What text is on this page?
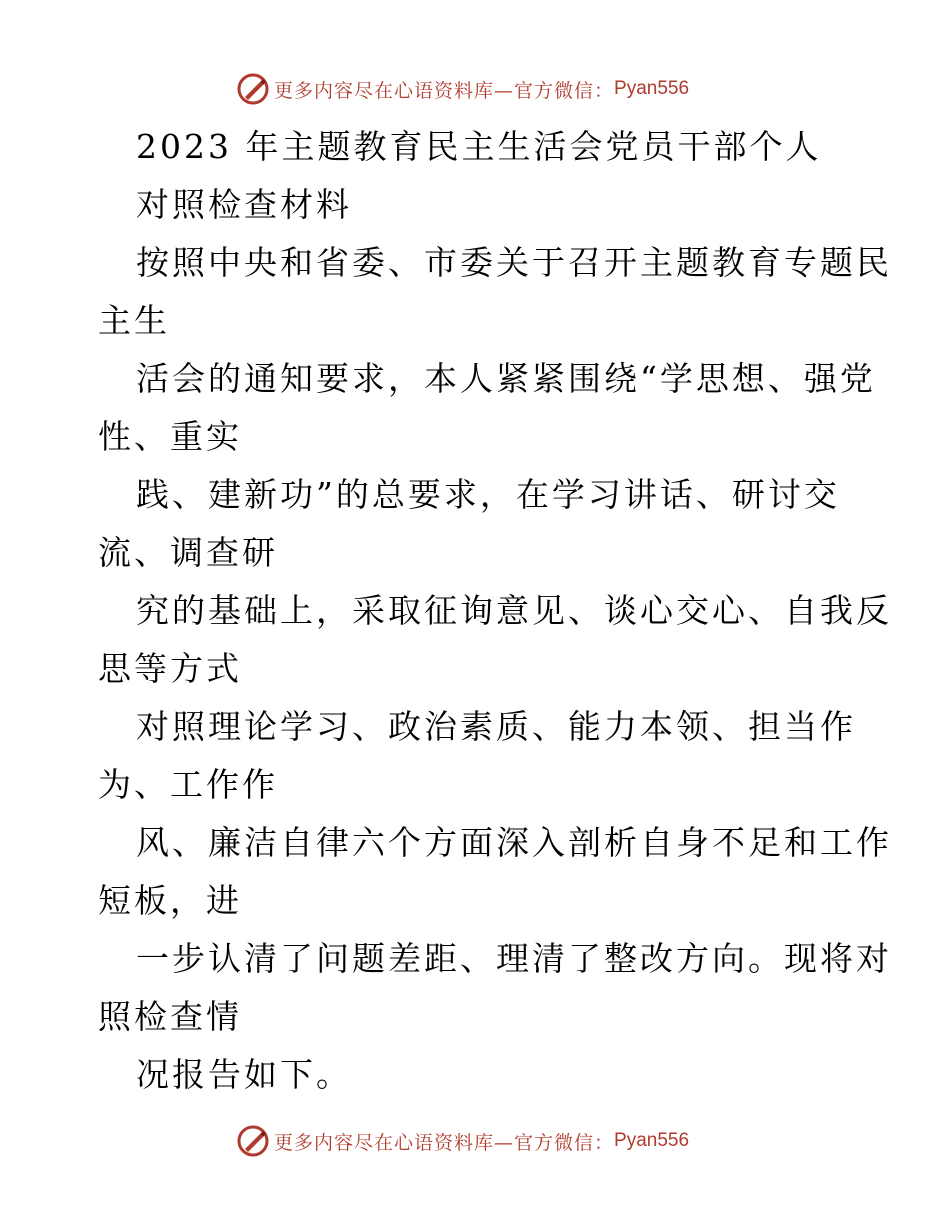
更多内容尽在心语资料库—官方微信： Pyan556
2023 年主题教育民主生活会党员干部个人
对照检查材料
按照中央和省委、市委关于召开主题教育专题民
主生
活会的通知要求，本人紧紧围绕“学思想、强党
性、重实
践、建新功”的总要求，在学习讲话、研讨交
流、调查研
究的基础上，采取征询意见、谈心交心、自我反
思等方式
对照理论学习、政治素质、能力本领、担当作
为、工作作
风、廉洁自律六个方面深入剖析自身不足和工作
短板，进
一步认清了问题差距、理清了整改方向。现将对
照检查情
况报告如下。
更多内容尽在心语资料库—官方微信： Pyan556
